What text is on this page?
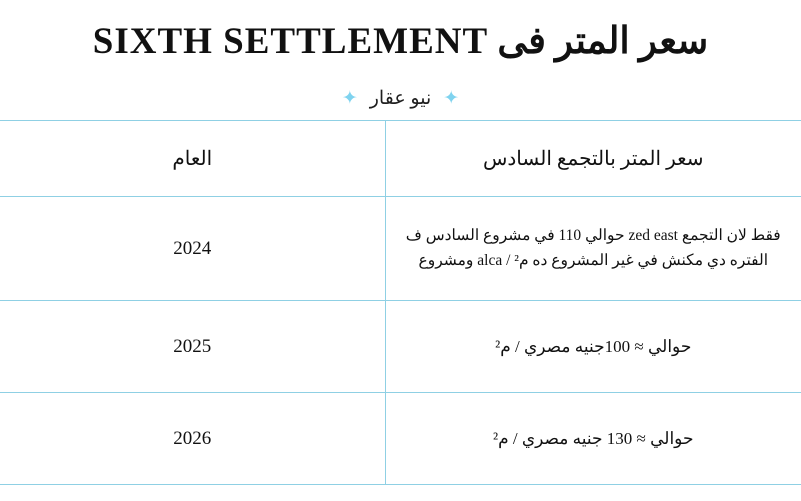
سعر المتر فى SIXTH SETTLEMENT
✦
نيو عقار
✦
سعر المتر بالتجمع السادس	العام
فقط لان التجمع zed east حوالي 110 في مشروع السادس ف الفتره دي مكنش في غير المشروع ده م² / alca ومشروع	2024
حوالي ≈ 100جنيه مصري / م²	2025
حوالي ≈ 130 جنيه مصري / م²	2026
